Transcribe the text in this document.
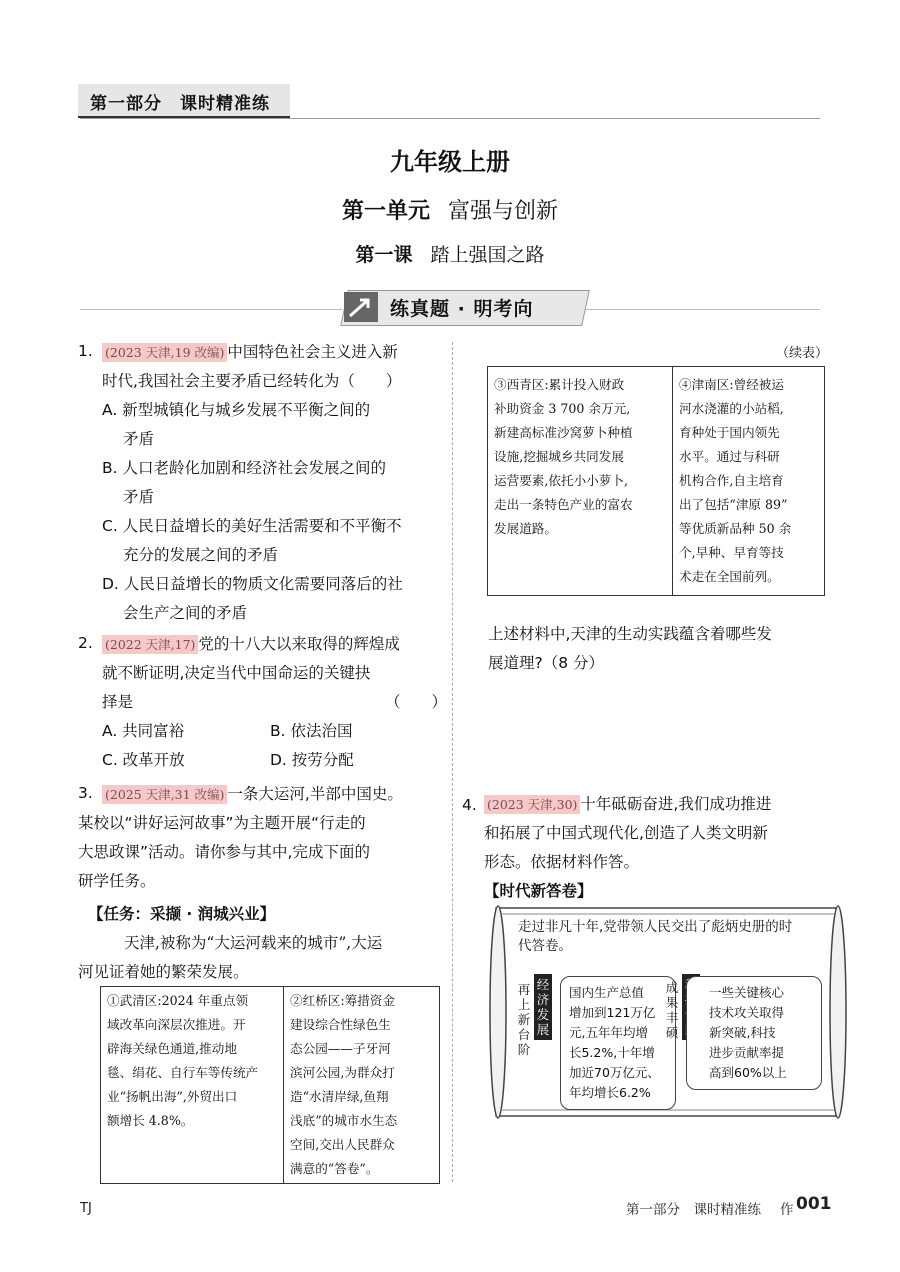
第一部分　课时精准练
九年级上册
第一单元 富强与创新
第一课 踏上强国之路
练真题 · 明考向
1. (2023 天津,19 改编) 中国特色社会主义进入新
时代,我国社会主要矛盾已经转化为（　　）
A. 新型城镇化与城乡发展不平衡之间的
矛盾
B. 人口老龄化加剧和经济社会发展之间的
矛盾
C. 人民日益增长的美好生活需要和不平衡不
充分的发展之间的矛盾
D. 人民日益增长的物质文化需要同落后的社
会生产之间的矛盾
2. (2022 天津,17) 党的十八大以来取得的辉煌成
就不断证明,决定当代中国命运的关键抉
择是	（　　）
A. 共同富裕	B. 依法治国
C. 改革开放	D. 按劳分配
3. (2025 天津,31 改编) 一条大运河,半部中国史。
某校以“讲好运河故事”为主题开展“行走的
大思政课”活动。请你参与其中,完成下面的
研学任务。
【任务：采撷 · 润城兴业】
天津,被称为“大运河载来的城市”,大运
河见证着她的繁荣发展。
①武清区:2024 年重点领
域改革向深层次推进。开
辟海关绿色通道,推动地
毯、绢花、自行车等传统产
业“扬帆出海”,外贸出口
额增长 4.8%。

②红桥区:筹措资金
建设综合性绿色生
态公园——子牙河
滨河公园,为群众打
造“水清岸绿,鱼翔
浅底”的城市水生态
空间,交出人民群众
满意的“答卷”。
（续表）
③西青区:累计投入财政
补助资金 3 700 余万元,
新建高标准沙窝萝卜种植
设施,挖掘城乡共同发展
运营要素,依托小小萝卜,
走出一条特色产业的富农
发展道路。

④津南区:曾经被运
河水浇灌的小站稻,
育种处于国内领先
水平。通过与科研
机构合作,自主培育
出了包括“津原 89”
等优质新品种 50 余
个,早种、早育等技
术走在全国前列。
上述材料中,天津的生动实践蕴含着哪些发
展道理?（8 分）
4. (2023 天津,30) 十年砥砺奋进,我们成功推进
和拓展了中国式现代化,创造了人类文明新
形态。依据材料作答。
【时代新答卷】
走过非凡十年,党带领人民交出了彪炳史册的时
代答卷。
再上新台阶
经济发展
国内生产总值
增加到121万亿
元,五年年均增
长5.2%,十年增
加近70万亿元、
年均增长6.2%
成果丰硕
一些关键核心
技术攻关取得
新突破,科技
进步贡献率提
高到60%以上
TJ	第一部分　课时精准练 作 001
